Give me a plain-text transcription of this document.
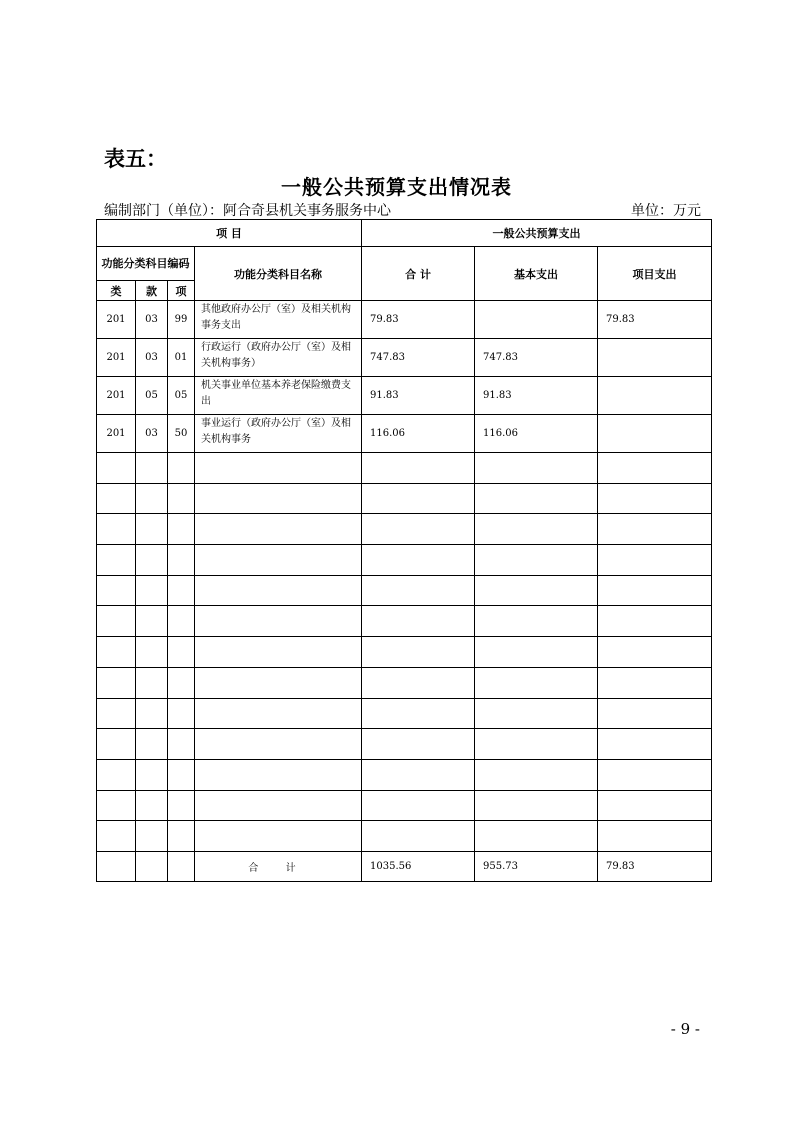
表五：
一般公共预算支出情况表
编制部门（单位）：阿合奇县机关事务服务中心	单位：万元
项 目				一般公共预算支出		
功能分类科目编码			功能分类科目名称	合 计	基本支出	项目支出
类	款	项				
201	03	99	其他政府办公厅（室）及相关机构事务支出	79.83		79.83
201	03	01	行政运行（政府办公厅（室）及相关机构事务）	747.83	747.83	
201	05	05	机关事业单位基本养老保险缴费支出	91.83	91.83	
201	03	50	事业运行（政府办公厅（室）及相关机构事务	116.06	116.06	

			合 计	1035.56	955.73	79.83
- 9 -
